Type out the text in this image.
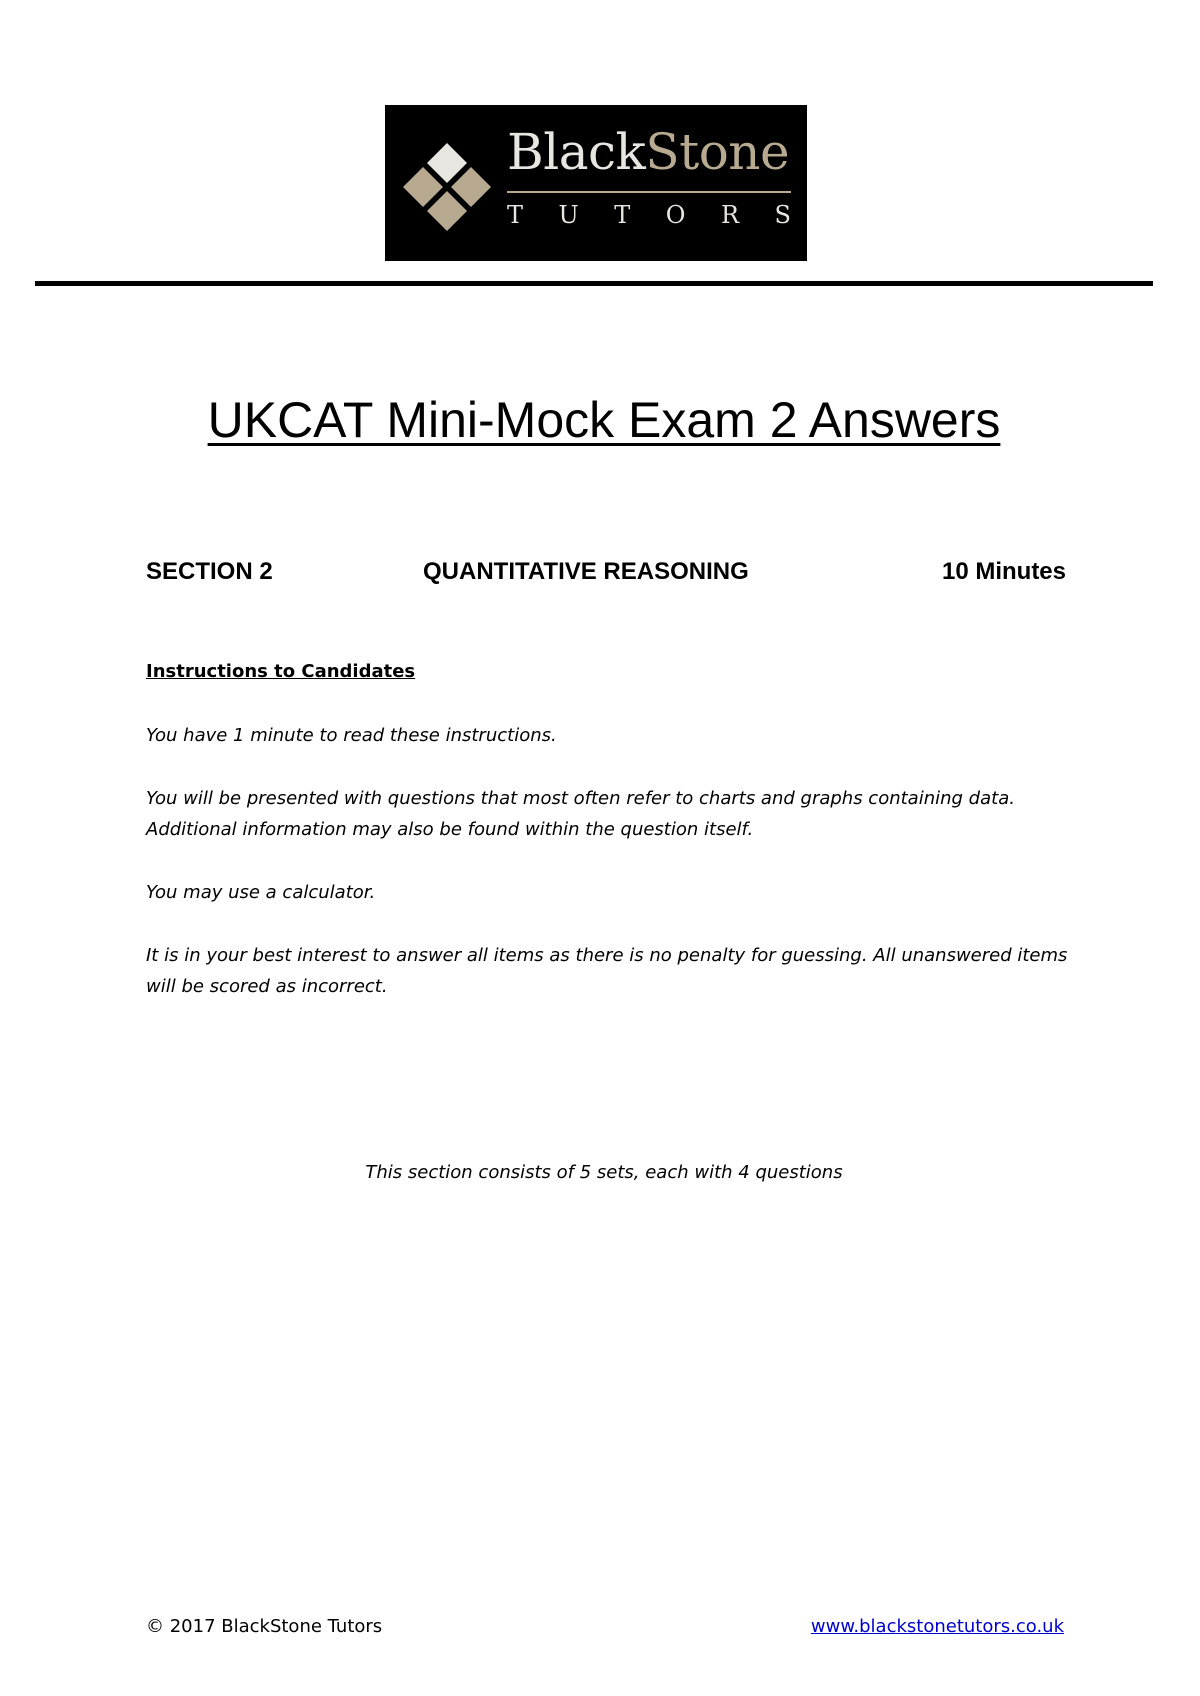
BlackStone
T U T O R S
UKCAT Mini-Mock Exam 2 Answers
SECTION 2	QUANTITATIVE REASONING	10 Minutes
Instructions to Candidates
You have 1 minute to read these instructions.
You will be presented with questions that most often refer to charts and graphs containing data. Additional information may also be found within the question itself.
You may use a calculator.
It is in your best interest to answer all items as there is no penalty for guessing. All unanswered items will be scored as incorrect.
This section consists of 5 sets, each with 4 questions
© 2017 BlackStone Tutors	www.blackstonetutors.co.uk
